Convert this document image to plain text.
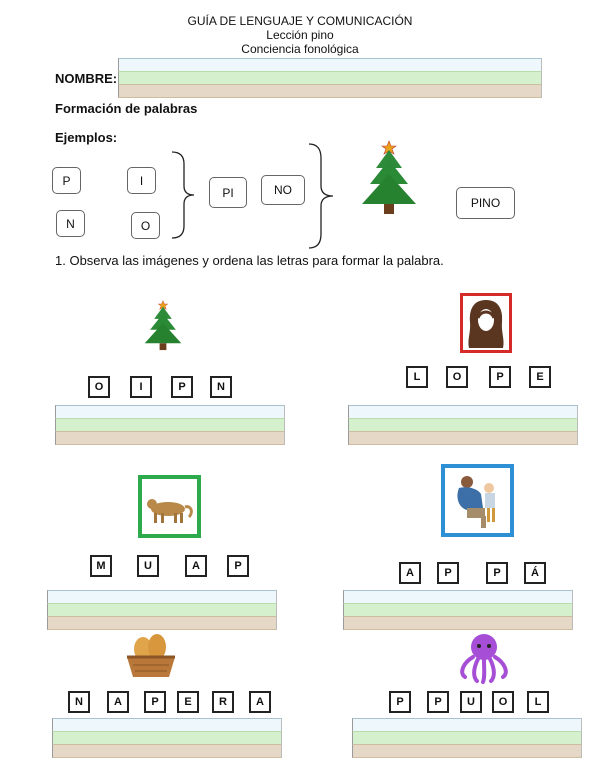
GUÍA DE LENGUAJE Y COMUNICACIÓN
Lección pino
Conciencia fonológica
NOMBRE:
Formación de palabras
Ejemplos:
P	I
N	O
PI	NO
PINO
1. Observa las imágenes y ordena las letras para formar la palabra.
O	I	P	N
L	O	P	E
M	U	A	P
A	P	P	Á
N	A	P	E	R	A	P	P	U	O	L
